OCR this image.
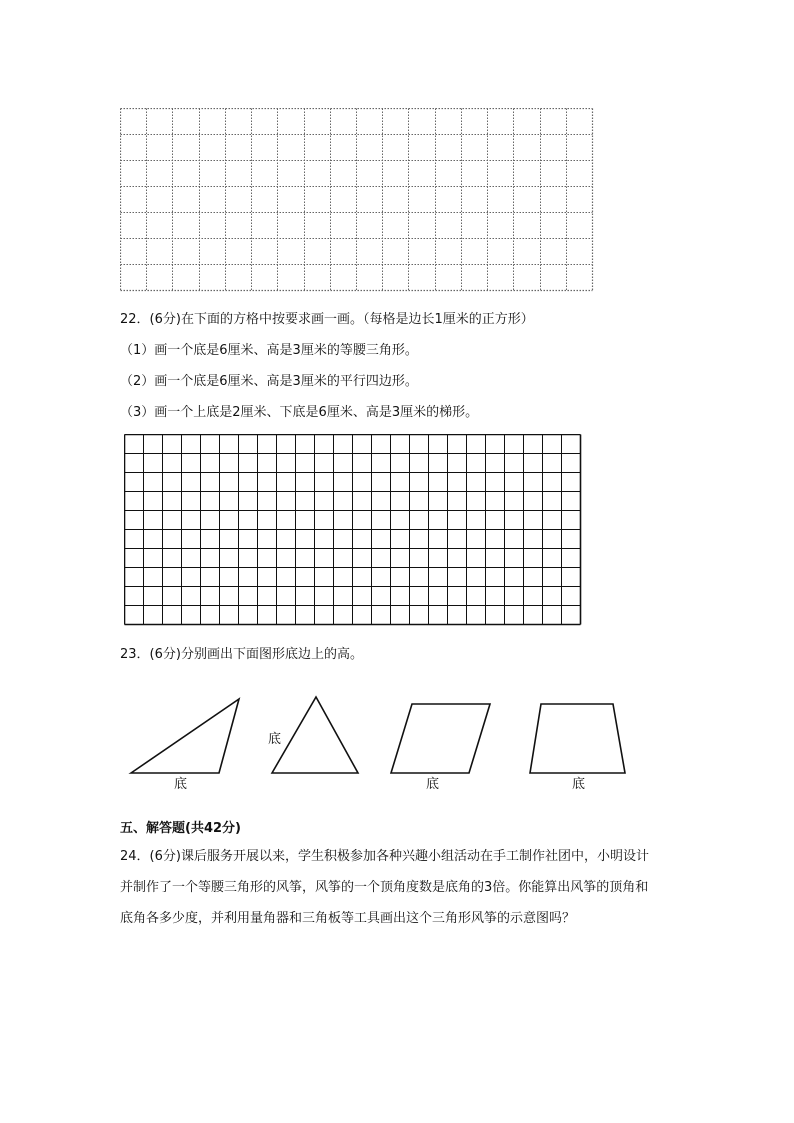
22．(6分)在下面的方格中按要求画一画。（每格是边长1厘米的正方形）
（1）画一个底是6厘米、高是3厘米的等腰三角形。
（2）画一个底是6厘米、高是3厘米的平行四边形。
（3）画一个上底是2厘米、下底是6厘米、高是3厘米的梯形。
23．(6分)分别画出下面图形底边上的高。
底
底
底	底
五、解答题(共42分)
24．(6分)课后服务开展以来，学生积极参加各种兴趣小组活动在手工制作社团中，小明设计并制作了一个等腰三角形的风筝，风筝的一个顶角度数是底角的3倍。你能算出风筝的顶角和底角各多少度，并利用量角器和三角板等工具画出这个三角形风筝的示意图吗？
